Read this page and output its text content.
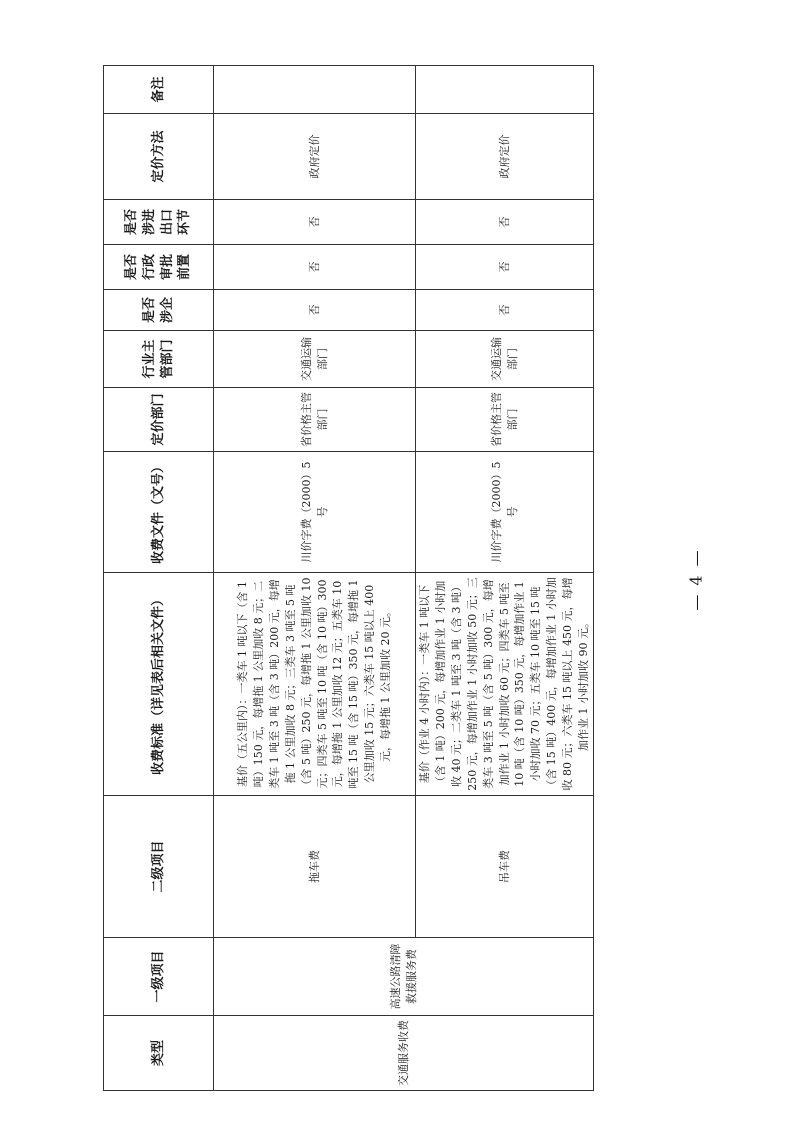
类型	一级项目	二级项目	收费标准（详见表后相关文件）	收费文件（文号）	定价部门	行业主管部门	是否涉企	是否行政审批前置	是否涉进出口环节	定价方法	备注
交通服务收费	高速公路清障救援服务费	拖车费	基价（五公里内）：一类车 1 吨以下（含 1 吨）150 元，每增拖 1 公里加收 8 元；二类车 1 吨至 3 吨（含 3 吨）200 元，每增拖 1 公里加收 8 元；三类车 3 吨至 5 吨（含 5 吨）250 元，每增拖 1 公里加收 10 元；四类车 5 吨至 10 吨（含 10 吨）300 元，每增拖 1 公里加收 12 元；五类车 10 吨至 15 吨（含 15 吨）350 元，每增拖 1 公里加收 15 元；六类车 15 吨以上 400 元，每增拖 1 公里加收 20 元。	川价字费（2000）5 号	省价格主管部门	交通运输部门	否	否	否	政府定价	
		吊车费	基价（作业 4 小时内）：一类车 1 吨以下（含 1 吨）200 元，每增加作业 1 小时加收 40 元；二类车 1 吨至 3 吨（含 3 吨）250 元，每增加作业 1 小时加收 50 元；三类车 3 吨至 5 吨（含 5 吨）300 元，每增加作业 1 小时加收 60 元；四类车 5 吨至 10 吨（含 10 吨）350 元，每增加作业 1 小时加收 70 元；五类车 10 吨至 15 吨（含 15 吨）400 元，每增加作业 1 小时加收 80 元；六类车 15 吨以上 450 元，每增加作业 1 小时加收 90 元。	川价字费（2000）5 号	省价格主管部门	交通运输部门	否	否	否	政府定价	
— 4 —
